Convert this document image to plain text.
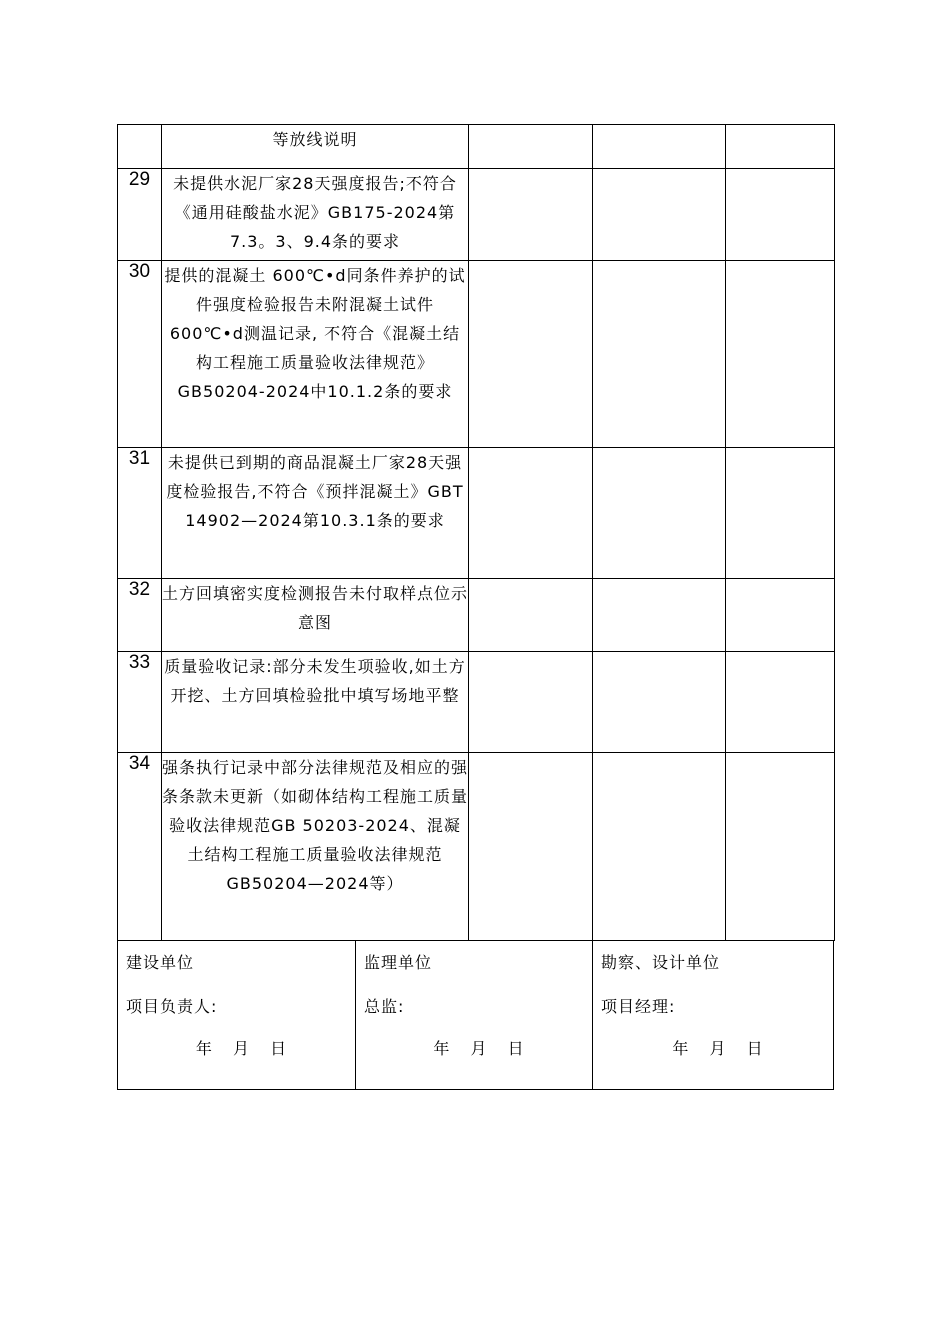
	等放线说明			
29	未提供水泥厂家28天强度报告;不符合《通用硅酸盐水泥》GB175-2024第7.3。3、9.4条的要求			
30	提供的混凝土 600℃•d同条件养护的试件强度检验报告未附混凝土试件600℃•d测温记录, 不符合《混凝土结构工程施工质量验收法律规范》GB50204-2024中10.1.2条的要求			
31	未提供已到期的商品混凝土厂家28天强度检验报告,不符合《预拌混凝土》GBT 14902—2024第10.3.1条的要求			
32	土方回填密实度检测报告未付取样点位示意图			
33	质量验收记录:部分未发生项验收,如土方开挖、土方回填检验批中填写场地平整			
34	强条执行记录中部分法律规范及相应的强条条款未更新（如砌体结构工程施工质量验收法律规范GB 50203-2024、混凝土结构工程施工质量验收法律规范GB50204—2024等）			
建设单位
项目负责人:
年 月 日
监理单位
总监:
年 月 日
勘察、设计单位
项目经理:
年 月 日
